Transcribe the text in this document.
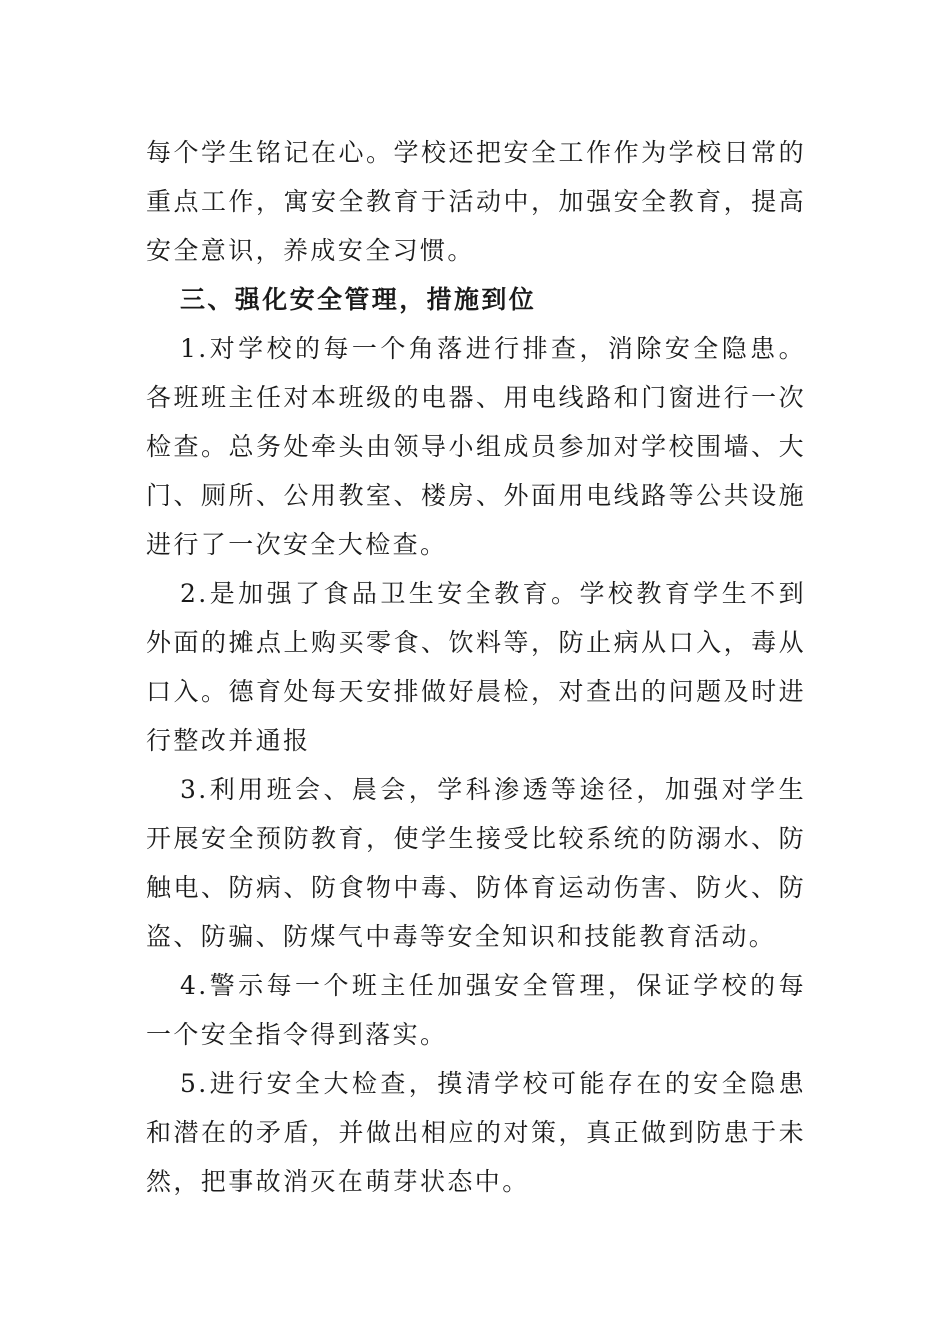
每个学生铭记在心。学校还把安全工作作为学校日常的重点工作，寓安全教育于活动中，加强安全教育，提高安全意识，养成安全习惯。

三、强化安全管理，措施到位

1.对学校的每一个角落进行排查，消除安全隐患。各班班主任对本班级的电器、用电线路和门窗进行一次检查。总务处牵头由领导小组成员参加对学校围墙、大门、厕所、公用教室、楼房、外面用电线路等公共设施进行了一次安全大检查。

2.是加强了食品卫生安全教育。学校教育学生不到外面的摊点上购买零食、饮料等，防止病从口入，毒从口入。德育处每天安排做好晨检，对查出的问题及时进行整改并通报

3.利用班会、晨会，学科渗透等途径，加强对学生开展安全预防教育，使学生接受比较系统的防溺水、防触电、防病、防食物中毒、防体育运动伤害、防火、防盗、防骗、防煤气中毒等安全知识和技能教育活动。

4.警示每一个班主任加强安全管理，保证学校的每一个安全指令得到落实。

5.进行安全大检查，摸清学校可能存在的安全隐患和潜在的矛盾，并做出相应的对策，真正做到防患于未然，把事故消灭在萌芽状态中。
